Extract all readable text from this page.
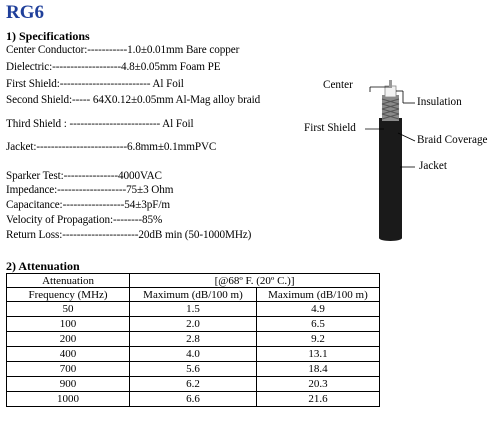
RG6
1) Specifications
Center Conductor:-----------1.0±0.01mm Bare copper
Dielectric:-------------------4.8±0.05mm Foam PE
First Shield:------------------------- Al Foil
Second Shield:----- 64X0.12±0.05mm Al-Mag alloy braid
Third Shield : ------------------------- Al Foil
Jacket:-------------------------6.8mm±0.1mmPVC
Sparker Test:---------------4000VAC
Impedance:-------------------75±3 Ohm
Capacitance:-----------------54±3pF/m
Velocity of Propagation:--------85%
Return Loss:---------------------20dB min (50-1000MHz)
Center
Insulation
First Shield
Braid Coverage
Jacket
2) Attenuation
Attenuation	[@68º F. (20º C.)]	
Frequency (MHz)	Maximum (dB/100 m)	Maximum (dB/100 m)
50	1.5	4.9
100	2.0	6.5
200	2.8	9.2
400	4.0	13.1
700	5.6	18.4
900	6.2	20.3
1000	6.6	21.6
